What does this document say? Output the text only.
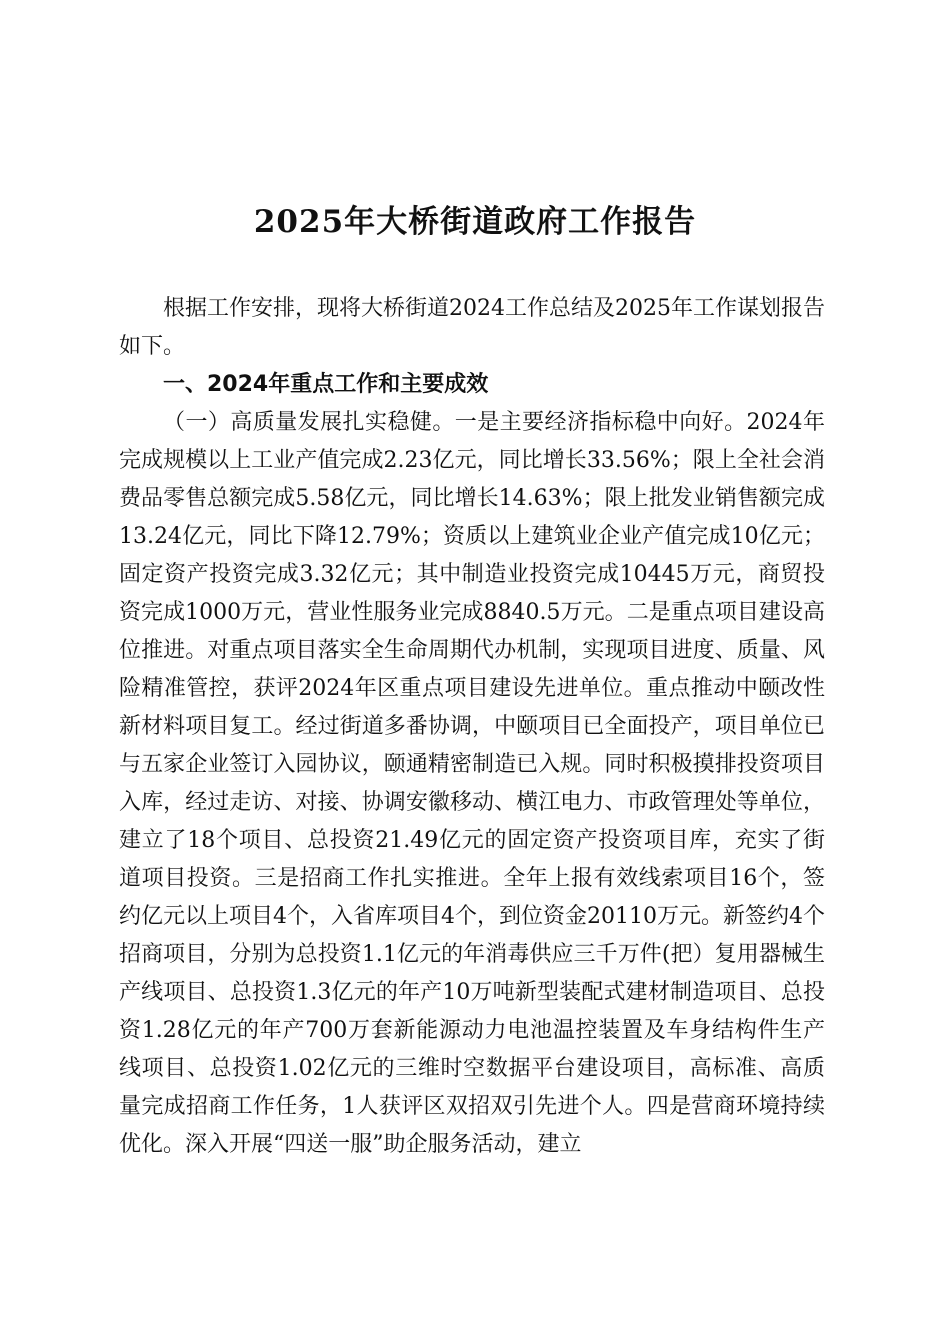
2025年大桥街道政府工作报告

根据工作安排，现将大桥街道2024工作总结及2025年工作谋划报告如下。

一、2024年重点工作和主要成效

（一）高质量发展扎实稳健。一是主要经济指标稳中向好。2024年完成规模以上工业产值完成2.23亿元，同比增长33.56%；限上全社会消费品零售总额完成5.58亿元，同比增长14.63%；限上批发业销售额完成13.24亿元，同比下降12.79%；资质以上建筑业企业产值完成10亿元；固定资产投资完成3.32亿元；其中制造业投资完成10445万元，商贸投资完成1000万元，营业性服务业完成8840.5万元。二是重点项目建设高位推进。对重点项目落实全生命周期代办机制，实现项目进度、质量、风险精准管控，获评2024年区重点项目建设先进单位。重点推动中颐改性新材料项目复工。经过街道多番协调，中颐项目已全面投产，项目单位已与五家企业签订入园协议，颐通精密制造已入规。同时积极摸排投资项目入库，经过走访、对接、协调安徽移动、横江电力、市政管理处等单位，建立了18个项目、总投资21.49亿元的固定资产投资项目库，充实了街道项目投资。三是招商工作扎实推进。全年上报有效线索项目16个，签约亿元以上项目4个，入省库项目4个，到位资金20110万元。新签约4个招商项目，分别为总投资1.1亿元的年消毒供应三千万件(把）复用器械生产线项目、总投资1.3亿元的年产10万吨新型装配式建材制造项目、总投资1.28亿元的年产700万套新能源动力电池温控装置及车身结构件生产线项目、总投资1.02亿元的三维时空数据平台建设项目，高标准、高质量完成招商工作任务，1人获评区双招双引先进个人。四是营商环境持续优化。深入开展“四送一服”助企服务活动，建立
